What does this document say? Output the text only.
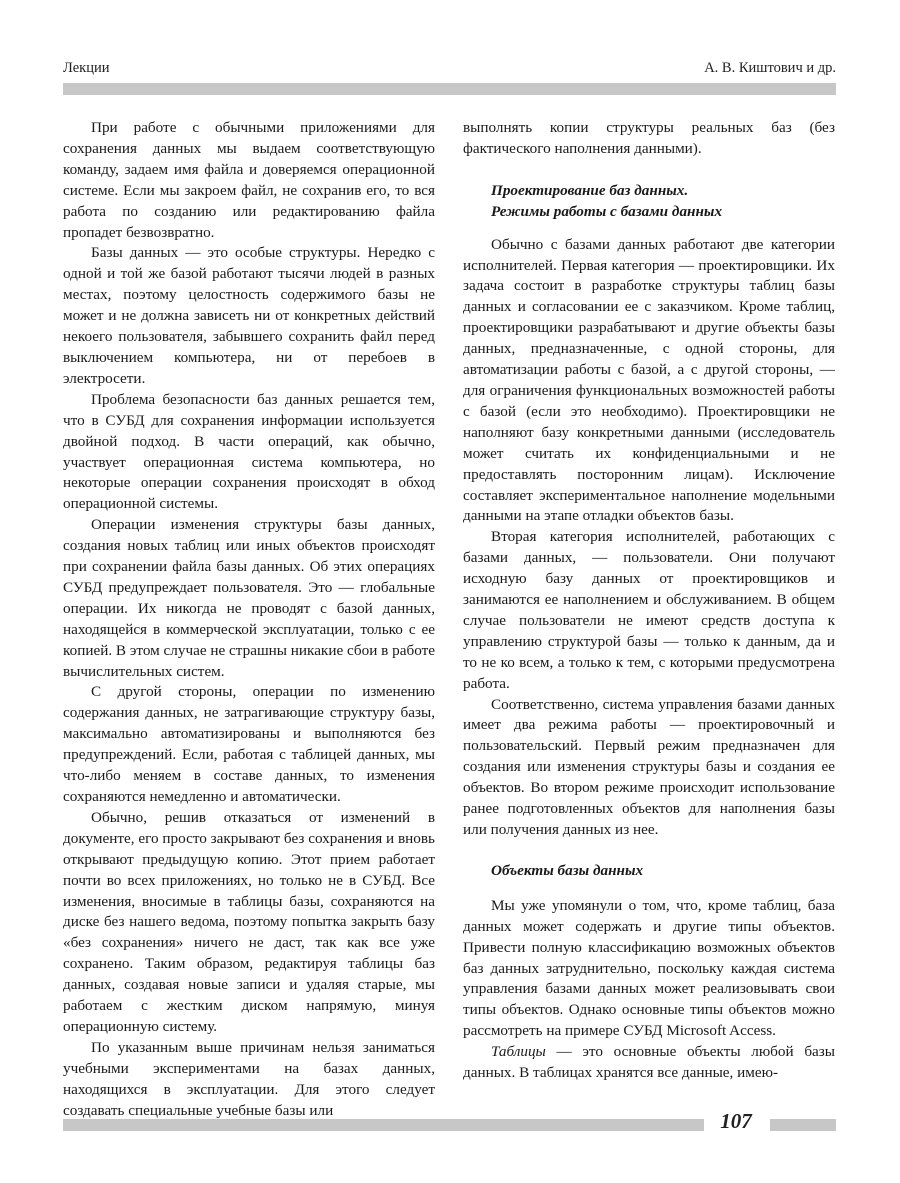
Лекции	А. В. Киштович и др.

При работе с обычными приложениями для сохранения данных мы выдаем соответствующую команду, задаем имя файла и доверяемся операционной системе. Если мы закроем файл, не сохранив его, то вся работа по созданию или редактированию файла пропадет безвозвратно.

Базы данных — это особые структуры. Нередко с одной и той же базой работают тысячи людей в разных местах, поэтому целостность содержимого базы не может и не должна зависеть ни от конкретных действий некоего пользователя, забывшего сохранить файл перед выключением компьютера, ни от перебоев в электросети.

Проблема безопасности баз данных решается тем, что в СУБД для сохранения информации используется двойной подход. В части операций, как обычно, участвует операционная система компьютера, но некоторые операции сохранения происходят в обход операционной системы.

Операции изменения структуры базы данных, создания новых таблиц или иных объектов происходят при сохранении файла базы данных. Об этих операциях СУБД предупреждает пользователя. Это — глобальные операции. Их никогда не проводят с базой данных, находящейся в коммерческой эксплуатации, только с ее копией. В этом случае не страшны никакие сбои в работе вычислительных систем.

С другой стороны, операции по изменению содержания данных, не затрагивающие структуру базы, максимально автоматизированы и выполняются без предупреждений. Если, работая с таблицей данных, мы что-либо меняем в составе данных, то изменения сохраняются немедленно и автоматически.

Обычно, решив отказаться от изменений в документе, его просто закрывают без сохранения и вновь открывают предыдущую копию. Этот прием работает почти во всех приложениях, но только не в СУБД. Все изменения, вносимые в таблицы базы, сохраняются на диске без нашего ведома, поэтому попытка закрыть базу «без сохранения» ничего не даст, так как все уже сохранено. Таким образом, редактируя таблицы баз данных, создавая новые записи и удаляя старые, мы работаем с жестким диском напрямую, минуя операционную систему.

По указанным выше причинам нельзя заниматься учебными экспериментами на базах данных, находящихся в эксплуатации. Для этого следует создавать специальные учебные базы или

выполнять копии структуры реальных баз (без фактического наполнения данными).

Проектирование баз данных.
Режимы работы с базами данных

Обычно с базами данных работают две категории исполнителей. Первая категория — проектировщики. Их задача состоит в разработке структуры таблиц базы данных и согласовании ее с заказчиком. Кроме таблиц, проектировщики разрабатывают и другие объекты базы данных, предназначенные, с одной стороны, для автоматизации работы с базой, а с другой стороны, — для ограничения функциональных возможностей работы с базой (если это необходимо). Проектировщики не наполняют базу конкретными данными (исследователь может считать их конфиденциальными и не предоставлять посторонним лицам). Исключение составляет экспериментальное наполнение модельными данными на этапе отладки объектов базы.

Вторая категория исполнителей, работающих с базами данных, — пользователи. Они получают исходную базу данных от проектировщиков и занимаются ее наполнением и обслуживанием. В общем случае пользователи не имеют средств доступа к управлению структурой базы — только к данным, да и то не ко всем, а только к тем, с которыми предусмотрена работа.

Соответственно, система управления базами данных имеет два режима работы — проектировочный и пользовательский. Первый режим предназначен для создания или изменения структуры базы и создания ее объектов. Во втором режиме происходит использование ранее подготовленных объектов для наполнения базы или получения данных из нее.

Объекты базы данных

Мы уже упомянули о том, что, кроме таблиц, база данных может содержать и другие типы объектов. Привести полную классификацию возможных объектов баз данных затруднительно, поскольку каждая система управления базами данных может реализовывать свои типы объектов. Однако основные типы объектов можно рассмотреть на примере СУБД Microsoft Access.

Таблицы — это основные объекты любой базы данных. В таблицах хранятся все данные, имею-

107
